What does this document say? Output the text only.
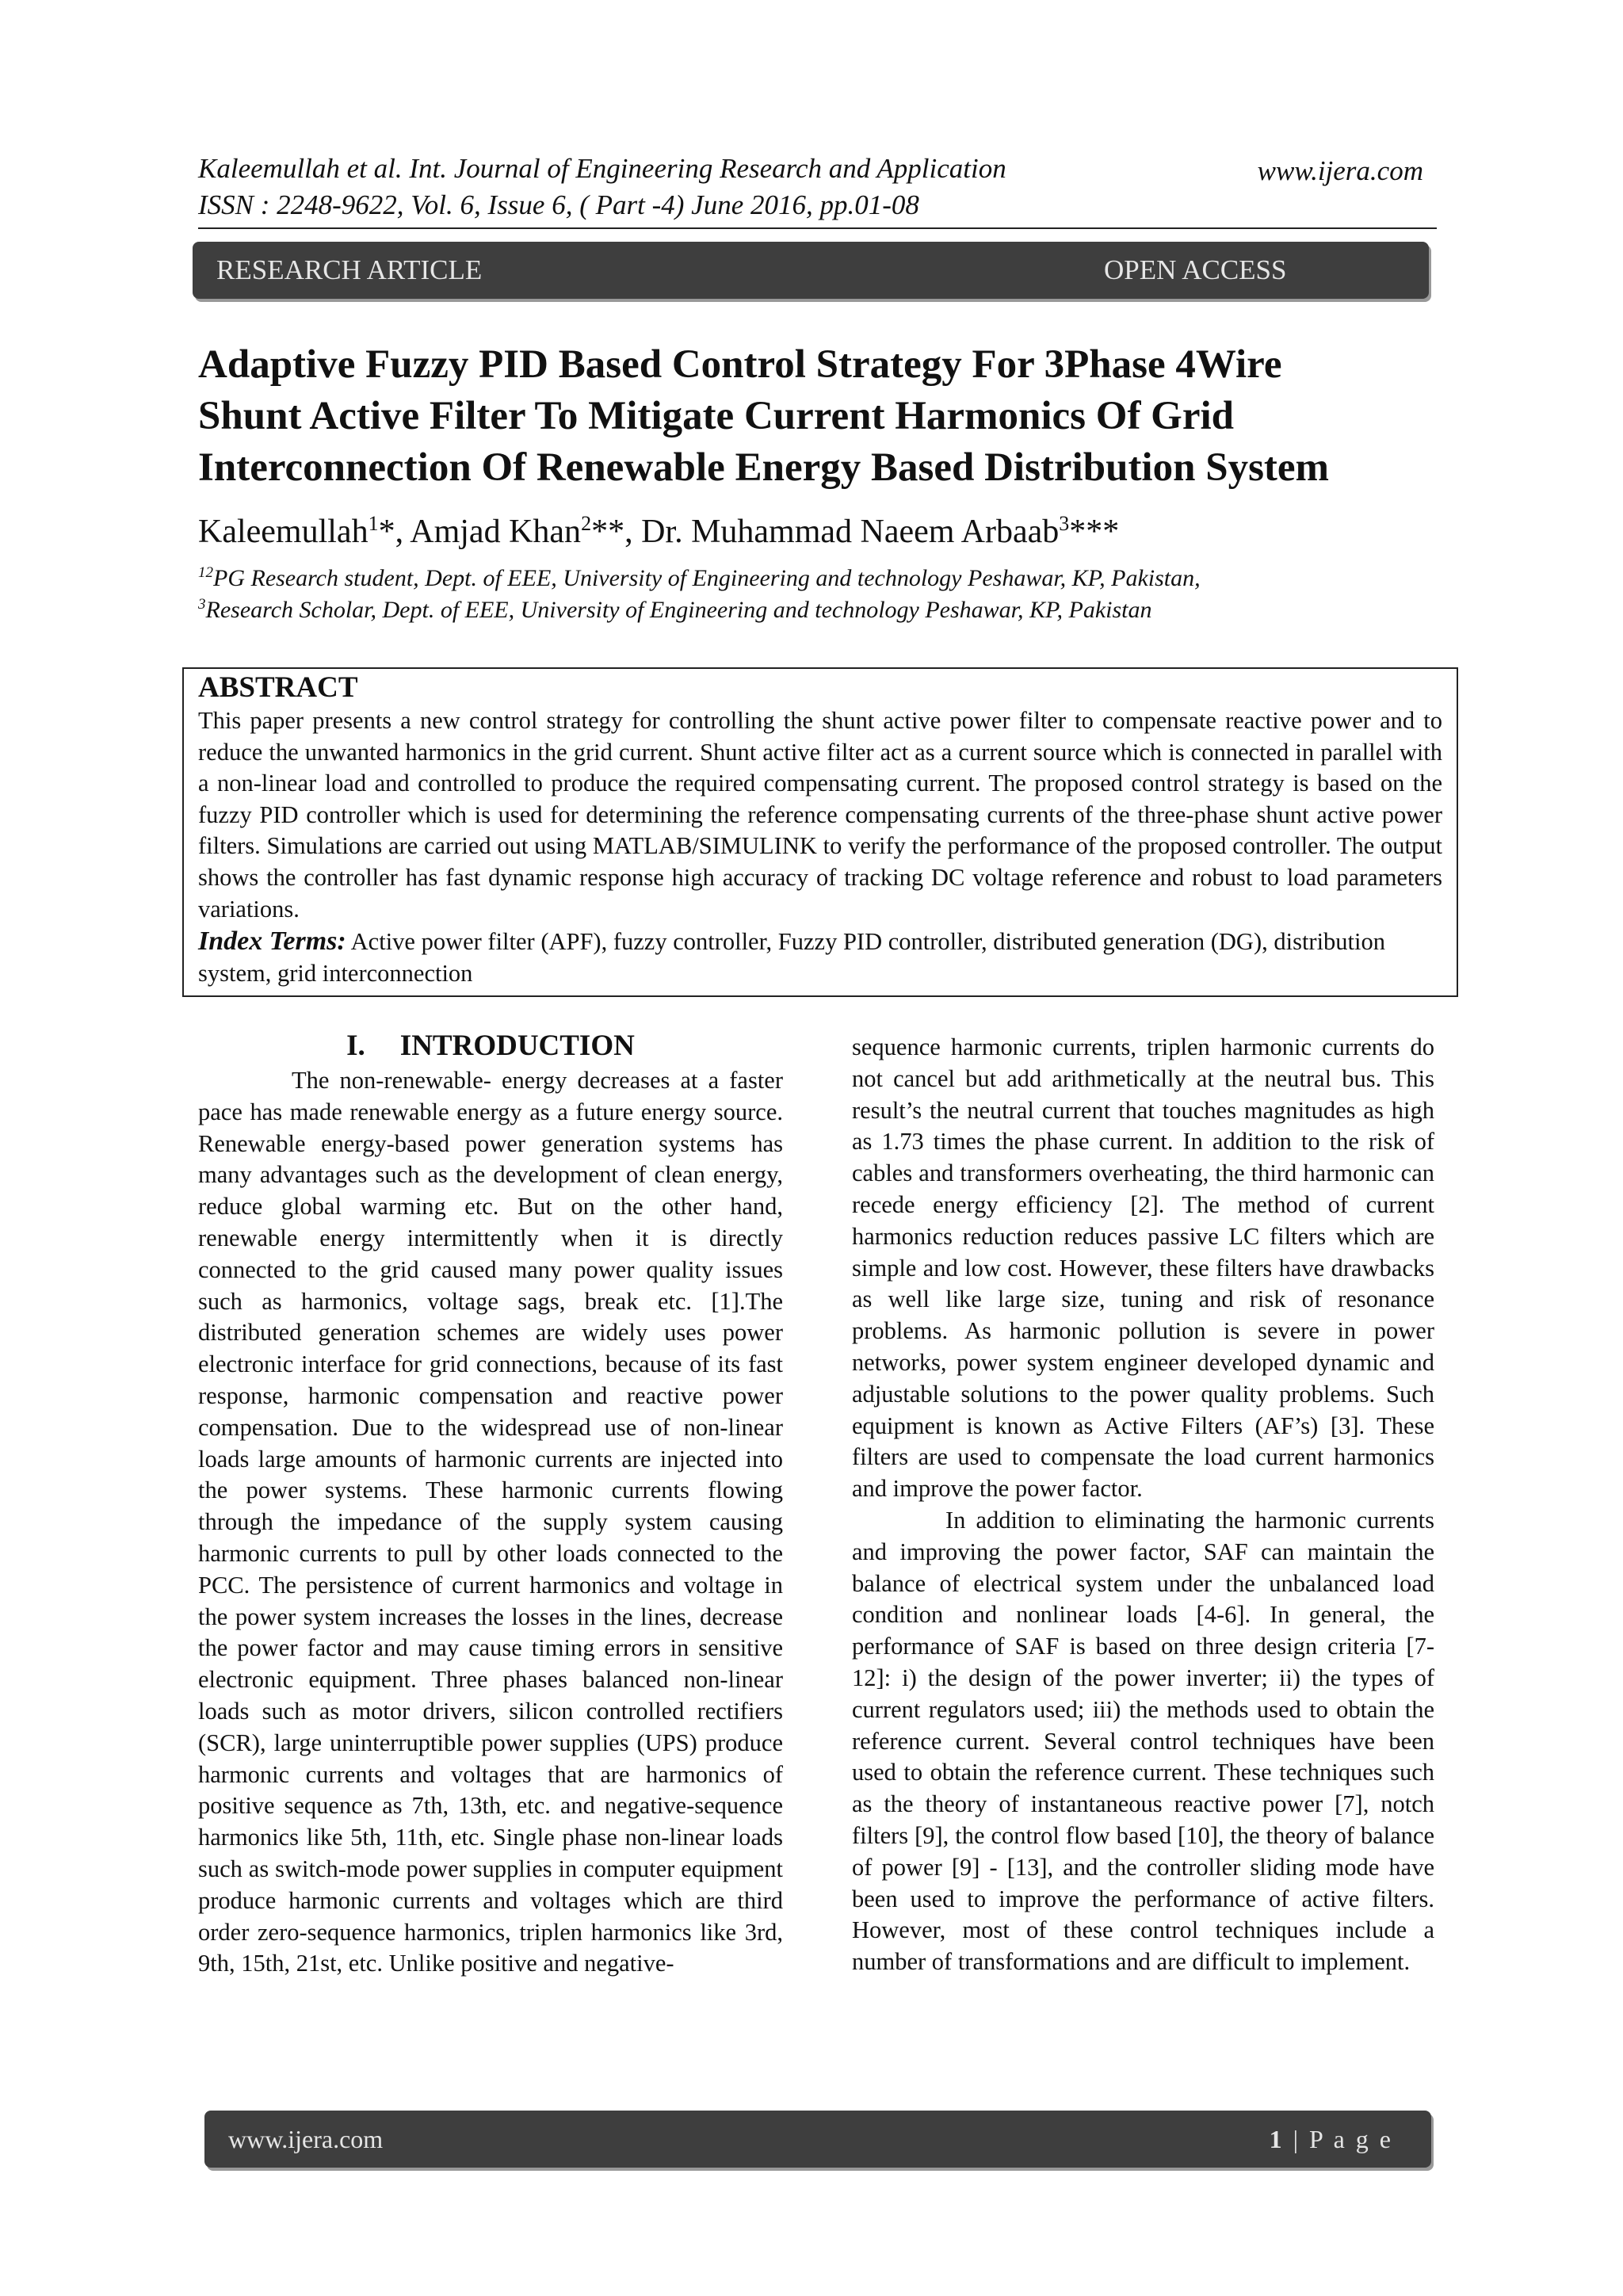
Kaleemullah et al. Int. Journal of Engineering Research and Application
ISSN : 2248-9622, Vol. 6, Issue 6, ( Part -4) June 2016, pp.01-08
www.ijera.com
RESEARCH ARTICLE	OPEN ACCESS
Adaptive Fuzzy PID Based Control Strategy For 3Phase 4Wire
Shunt Active Filter To Mitigate Current Harmonics Of Grid
Interconnection Of Renewable Energy Based Distribution System
Kaleemullah$^1$*, Amjad Khan$^2$**, Dr. Muhammad Naeem Arbaab$^3$***
$^{12}$PG Research student, Dept. of EEE, University of Engineering and technology Peshawar, KP, Pakistan,
$^3$Research Scholar, Dept. of EEE, University of Engineering and technology Peshawar, KP, Pakistan
ABSTRACT
This paper presents a new control strategy for controlling the shunt active power filter to compensate reactive power and to reduce the unwanted harmonics in the grid current. Shunt active filter act as a current source which is connected in parallel with a non-linear load and controlled to produce the required compensating current. The proposed control strategy is based on the fuzzy PID controller which is used for determining the reference compensating currents of the three-phase shunt active power filters. Simulations are carried out using MATLAB/SIMULINK to verify the performance of the proposed controller. The output shows the controller has fast dynamic response high accuracy of tracking DC voltage reference and robust to load parameters variations.
Index Terms: Active power filter (APF), fuzzy controller, Fuzzy PID controller, distributed generation (DG), distribution system, grid interconnection
I. INTRODUCTION

The non-renewable- energy decreases at a faster pace has made renewable energy as a future energy source. Renewable energy-based power generation systems has many advantages such as the development of clean energy, reduce global warming etc. But on the other hand, renewable energy intermittently when it is directly connected to the grid caused many power quality issues such as harmonics, voltage sags, break etc. [1].The distributed generation schemes are widely uses power electronic interface for grid connections, because of its fast response, harmonic compensation and reactive power compensation. Due to the widespread use of non-linear loads large amounts of harmonic currents are injected into the power systems. These harmonic currents flowing through the impedance of the supply system causing harmonic currents to pull by other loads connected to the PCC. The persistence of current harmonics and voltage in the power system increases the losses in the lines, decrease the power factor and may cause timing errors in sensitive electronic equipment. Three phases balanced non-linear loads such as motor drivers, silicon controlled rectifiers (SCR), large uninterruptible power supplies (UPS) produce harmonic currents and voltages that are harmonics of positive sequence as 7th, 13th, etc. and negative-sequence harmonics like 5th, 11th, etc. Single phase non-linear loads such as switch-mode power supplies in computer equipment produce harmonic currents and voltages which are third order zero-sequence harmonics, triplen harmonics like 3rd, 9th, 15th, 21st, etc. Unlike positive and negative-

sequence harmonic currents, triplen harmonic currents do not cancel but add arithmetically at the neutral bus. This result’s the neutral current that touches magnitudes as high as 1.73 times the phase current. In addition to the risk of cables and transformers overheating, the third harmonic can recede energy efficiency [2]. The method of current harmonics reduction reduces passive LC filters which are simple and low cost. However, these filters have drawbacks as well like large size, tuning and risk of resonance problems. As harmonic pollution is severe in power networks, power system engineer developed dynamic and adjustable solutions to the power quality problems. Such equipment is known as Active Filters (AF’s) [3]. These filters are used to compensate the load current harmonics and improve the power factor.

In addition to eliminating the harmonic currents and improving the power factor, SAF can maintain the balance of electrical system under the unbalanced load condition and nonlinear loads [4-6]. In general, the performance of SAF is based on three design criteria [7-12]: i) the design of the power inverter; ii) the types of current regulators used; iii) the methods used to obtain the reference current. Several control techniques have been used to obtain the reference current. These techniques such as the theory of instantaneous reactive power [7], notch filters [9], the control flow based [10], the theory of balance of power [9] - [13], and the controller sliding mode have been used to improve the performance of active filters. However, most of these control techniques include a number of transformations and are difficult to implement.

www.ijera.com	1 | P a g e
